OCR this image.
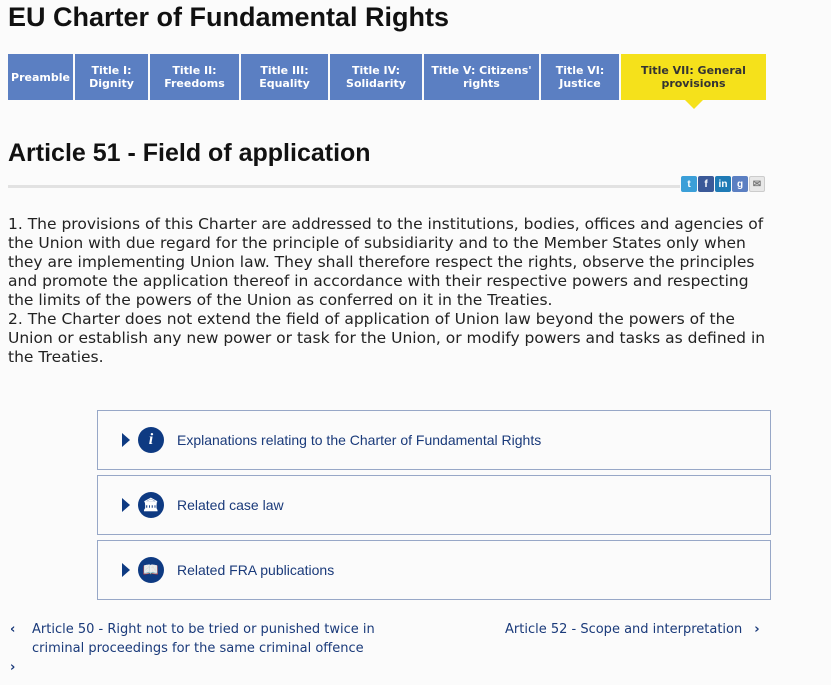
EU Charter of Fundamental Rights
Preamble	Title I:
Dignity
Title II:
Freedoms
Title III:
Equality
Title IV:
Solidarity
Title V: Citizens'
rights
Title VI:
Justice
Title VII: General
provisions
Article 51 - Field of application
t	f	in g ✉

1. The provisions of this Charter are addressed to the institutions, bodies, offices and agencies of the Union with due regard for the principle of subsidiarity and to the Member States only when they are implementing Union law. They shall therefore respect the rights, observe the principles and promote the application thereof in accordance with their respective powers and respecting the limits of the powers of the Union as conferred on it in the Treaties.

2. The Charter does not extend the field of application of Union law beyond the powers of the Union or establish any new power or task for the Union, or modify powers and tasks as defined in the Treaties.

i	Explanations relating to the Charter of Fundamental Rights
🏛	Related case law
📖	Related FRA publications
‹
›
Article 50 - Right not to be tried or punished twice in criminal proceedings for the same criminal offence
Article 52 - Scope and interpretation ›
